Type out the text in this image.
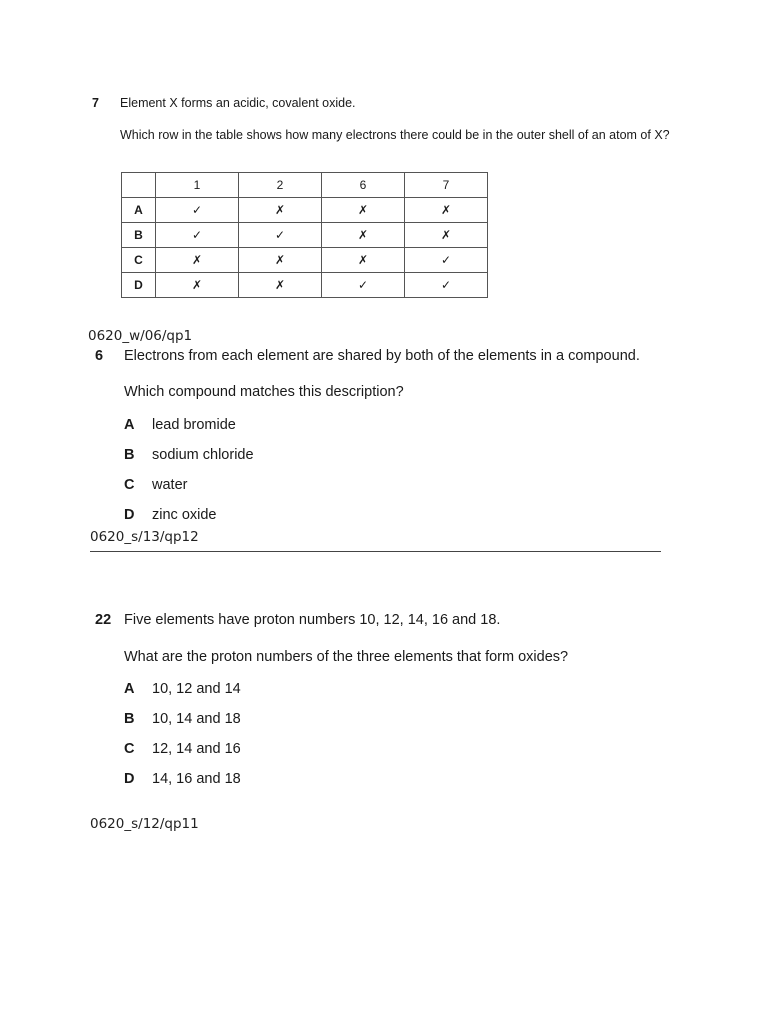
7 Element X forms an acidic, covalent oxide.
Which row in the table shows how many electrons there could be in the outer shell of an atom of X?
	1	2	6	7
A	✓	✗	✗	✗
B	✓	✓	✗	✗
C	✗	✗	✗	✓
D	✗	✗	✓	✓
0620_w/06/qp1
6 Electrons from each element are shared by both of the elements in a compound.
Which compound matches this description?
A lead bromide
B sodium chloride
C water
D zinc oxide
0620_s/13/qp12
22 Five elements have proton numbers 10, 12, 14, 16 and 18.
What are the proton numbers of the three elements that form oxides?
A 10, 12 and 14
B 10, 14 and 18
C 12, 14 and 16
D 14, 16 and 18
0620_s/12/qp11
